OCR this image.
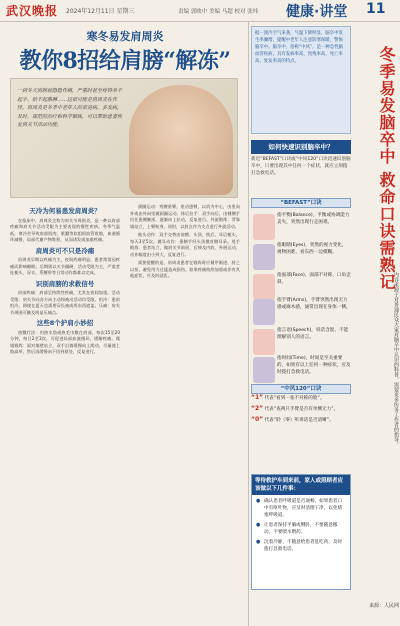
武汉晚报 2024年12月11日 星期三	责编 郭映中 美编 马超 校对 张炜 健康·讲堂 11
寒冬易发肩周炎
教你8招给肩膀“解冻”
一到冬天肩膀就隐隐作痛，严重时甚至疼得举不起手、抬不起胳膊……这很可能是肩周炎在作怪。肩周炎是冬季中老年人的常见病、多发病，及时、规范的治疗和科学锻炼，可以帮助患者恢复肩关节活动功能。
天冷为何易患发肩周炎？

在临床中，肩周炎全称为肩关节周围炎，是一种以肩部疼痛和肩关节活动受限为主要表现的慢性疾病。冬季气温低，寒冷会导致肩部肌肉、肌腱等软组织血管收缩，血液循环减慢，局部代谢产物堆积，从而诱发或加重疼痛。

肩周炎可不只是冷痛

肩周炎早期以疼痛为主，夜间疼痛明显，患者常常因疼痛而影响睡眠；后期则以关节僵硬、活动受限为主，严重者连梳头、穿衣、系腰带等日常动作都难以完成。

识别肩膀的求救信号

肩部疼痛：肩部呈持续性疼痛，尤其在夜间加重。活动受限：肩关节向各方向主动和被动活动均受限。怕冷：患肩怕冷，即使在夏天也需要穿长袖或用东西遮盖。压痛：肩关节周围可触及明显压痛点。

这些8个护肩小妙招

热敷疗法：用热水袋或热毛巾敷在肩部，每次15至20分钟，每日2至3次，可促进局部血液循环，缓解疼痛。爬墙锻炼：面对墙壁站立，双手沿墙缓慢向上爬动，尽量使上肢高举，然后再缓慢向下回到原处，反复进行。

画圈运动：弯腰垂臂，甩动患臂，以肩为中心，由里向外或由外向里做画圈运动。体后拉手：双手向后，由健侧手拉住患侧腕部，逐渐向上拉动，反复进行。外旋锻炼：背靠墙站立，上臂贴身，屈肘，以肘点作为支点进行外旋活动。

梳头动作：双手交替由前额、头顶、枕后、耳后梳头，每天3至5次。摸耳动作：患侧手经头顶摸对侧耳朵。甩手锻炼：患者站立，做肩关节前屈、后伸及内收、外展运动，动作幅度由小到大，反复进行。

需要提醒的是，肩周炎患者在锻炼时应循序渐进、持之以恒，避免用力过猛造成损伤。如果疼痛持续加重或伴有其他症状，应及时就医。

据一渡冷空气来袭，气温下降明显，脑卒中发生率骤增，提醒中老年人注意防寒保暖，警惕脑卒中。脑卒中，俗称“中风”，是一种急性脑血管疾病，具有发病率高、致残率高、死亡率高、复发率高的特点。
如何快速识别脑卒中？
新近“BEFAST”口诀或“中风120”口诀迅速识别脑卒中，只要出现其中任何一个症状，就应立刻拨打急救电话。
“BEFAST”口诀
指平衡(Balance)，平衡或协调能力丧失，突然出现行走困难。
指眼睛(Eyes)，突然的视力变化，视物困难，看东西一边模糊。
指面部(Face)，面部不对称，口角歪斜。
指手臂(Arms)，手臂突然出现无力感或麻木感，通常出现在身体一侧。
指言语(Speech)，说话含混、不能理解别人的语言。
指时间(Time)，时间是至关重要的，如果有以上任何一种症状，应及时拨打急救电话。
“中风120”口诀
“1” 代表“看到一张不对称的脸”。
“2” 代表“查两只手臂是否有单侧无力”。
“0” 代表“聆（零）听讲话是否清晰”。
等待救护车到来前，家人或照顾者应该做以下几件事：
● 确认患者呼吸道是否通畅，如果患者口中有呕吐物，应及时清理干净，以免堵塞呼吸道。
● 让患者保持平躺或侧卧，不要随意搬动，不要喂水喂药。
● 沉着冷静，不随意给患者乱吃药，及时拨打急救电话。
内容来源于对普通民众大家对脑卒中认识的科普，需要更多医务工作者的指导。
来源：人民网
冬季易发脑卒中 救命口诀需熟记
